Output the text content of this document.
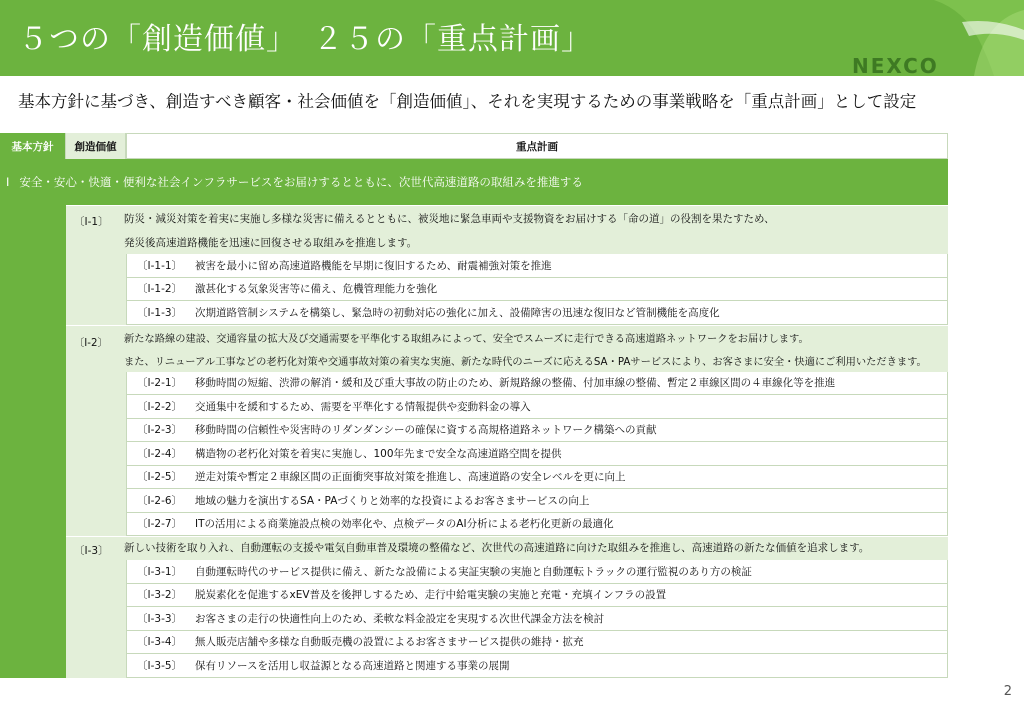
５つの「創造価値」　２５の「重点計画」
NEXCO
基本方針に基づき、創造すべき顧客・社会価値を「創造価値」、それを実現するための事業戦略を「重点計画」として設定
基本方針	創造価値	重点計画
Ⅰ 安全・安心・快適・便利な社会インフラサービスをお届けするとともに、次世代高速道路の取組みを推進する
〔Ⅰ-1〕 防災・減災対策を着実に実施し多様な災害に備えるとともに、被災地に緊急車両や支援物資をお届けする「命の道」の役割を果たすため、
発災後高速道路機能を迅速に回復させる取組みを推進します。
〔Ⅰ-1-1〕	被害を最小に留め高速道路機能を早期に復旧するため、耐震補強対策を推進
〔Ⅰ-1-2〕	激甚化する気象災害等に備え、危機管理能力を強化
〔Ⅰ-1-3〕	次期道路管制システムを構築し、緊急時の初動対応の強化に加え、設備障害の迅速な復旧など管制機能を高度化
〔Ⅰ-2〕 新たな路線の建設、交通容量の拡大及び交通需要を平準化する取組みによって、安全でスムーズに走行できる高速道路ネットワークをお届けします。
また、リニューアル工事などの老朽化対策や交通事故対策の着実な実施、新たな時代のニーズに応えるSA・PAサービスにより、お客さまに安全・快適にご利用いただきます。
〔Ⅰ-2-1〕	移動時間の短縮、渋滞の解消・緩和及び重大事故の防止のため、新規路線の整備、付加車線の整備、暫定２車線区間の４車線化等を推進
〔Ⅰ-2-2〕	交通集中を緩和するため、需要を平準化する情報提供や変動料金の導入
〔Ⅰ-2-3〕	移動時間の信頼性や災害時のリダンダンシーの確保に資する高規格道路ネットワーク構築への貢献
〔Ⅰ-2-4〕	構造物の老朽化対策を着実に実施し、100年先まで安全な高速道路空間を提供
〔Ⅰ-2-5〕	逆走対策や暫定２車線区間の正面衝突事故対策を推進し、高速道路の安全レベルを更に向上
〔Ⅰ-2-6〕	地域の魅力を演出するSA・PAづくりと効率的な投資によるお客さまサービスの向上
〔Ⅰ-2-7〕	ITの活用による商業施設点検の効率化や、点検データのAI分析による老朽化更新の最適化
〔Ⅰ-3〕 新しい技術を取り入れ、自動運転の支援や電気自動車普及環境の整備など、次世代の高速道路に向けた取組みを推進し、高速道路の新たな価値を追求します。
〔Ⅰ-3-1〕	自動運転時代のサービス提供に備え、新たな設備による実証実験の実施と自動運転トラックの運行監視のあり方の検証
〔Ⅰ-3-2〕	脱炭素化を促進するxEV普及を後押しするため、走行中給電実験の実施と充電・充填インフラの設置
〔Ⅰ-3-3〕	お客さまの走行の快適性向上のため、柔軟な料金設定を実現する次世代課金方法を検討
〔Ⅰ-3-4〕	無人販売店舗や多様な自動販売機の設置によるお客さまサービス提供の維持・拡充
〔Ⅰ-3-5〕	保有リソースを活用し収益源となる高速道路と関連する事業の展開
2
